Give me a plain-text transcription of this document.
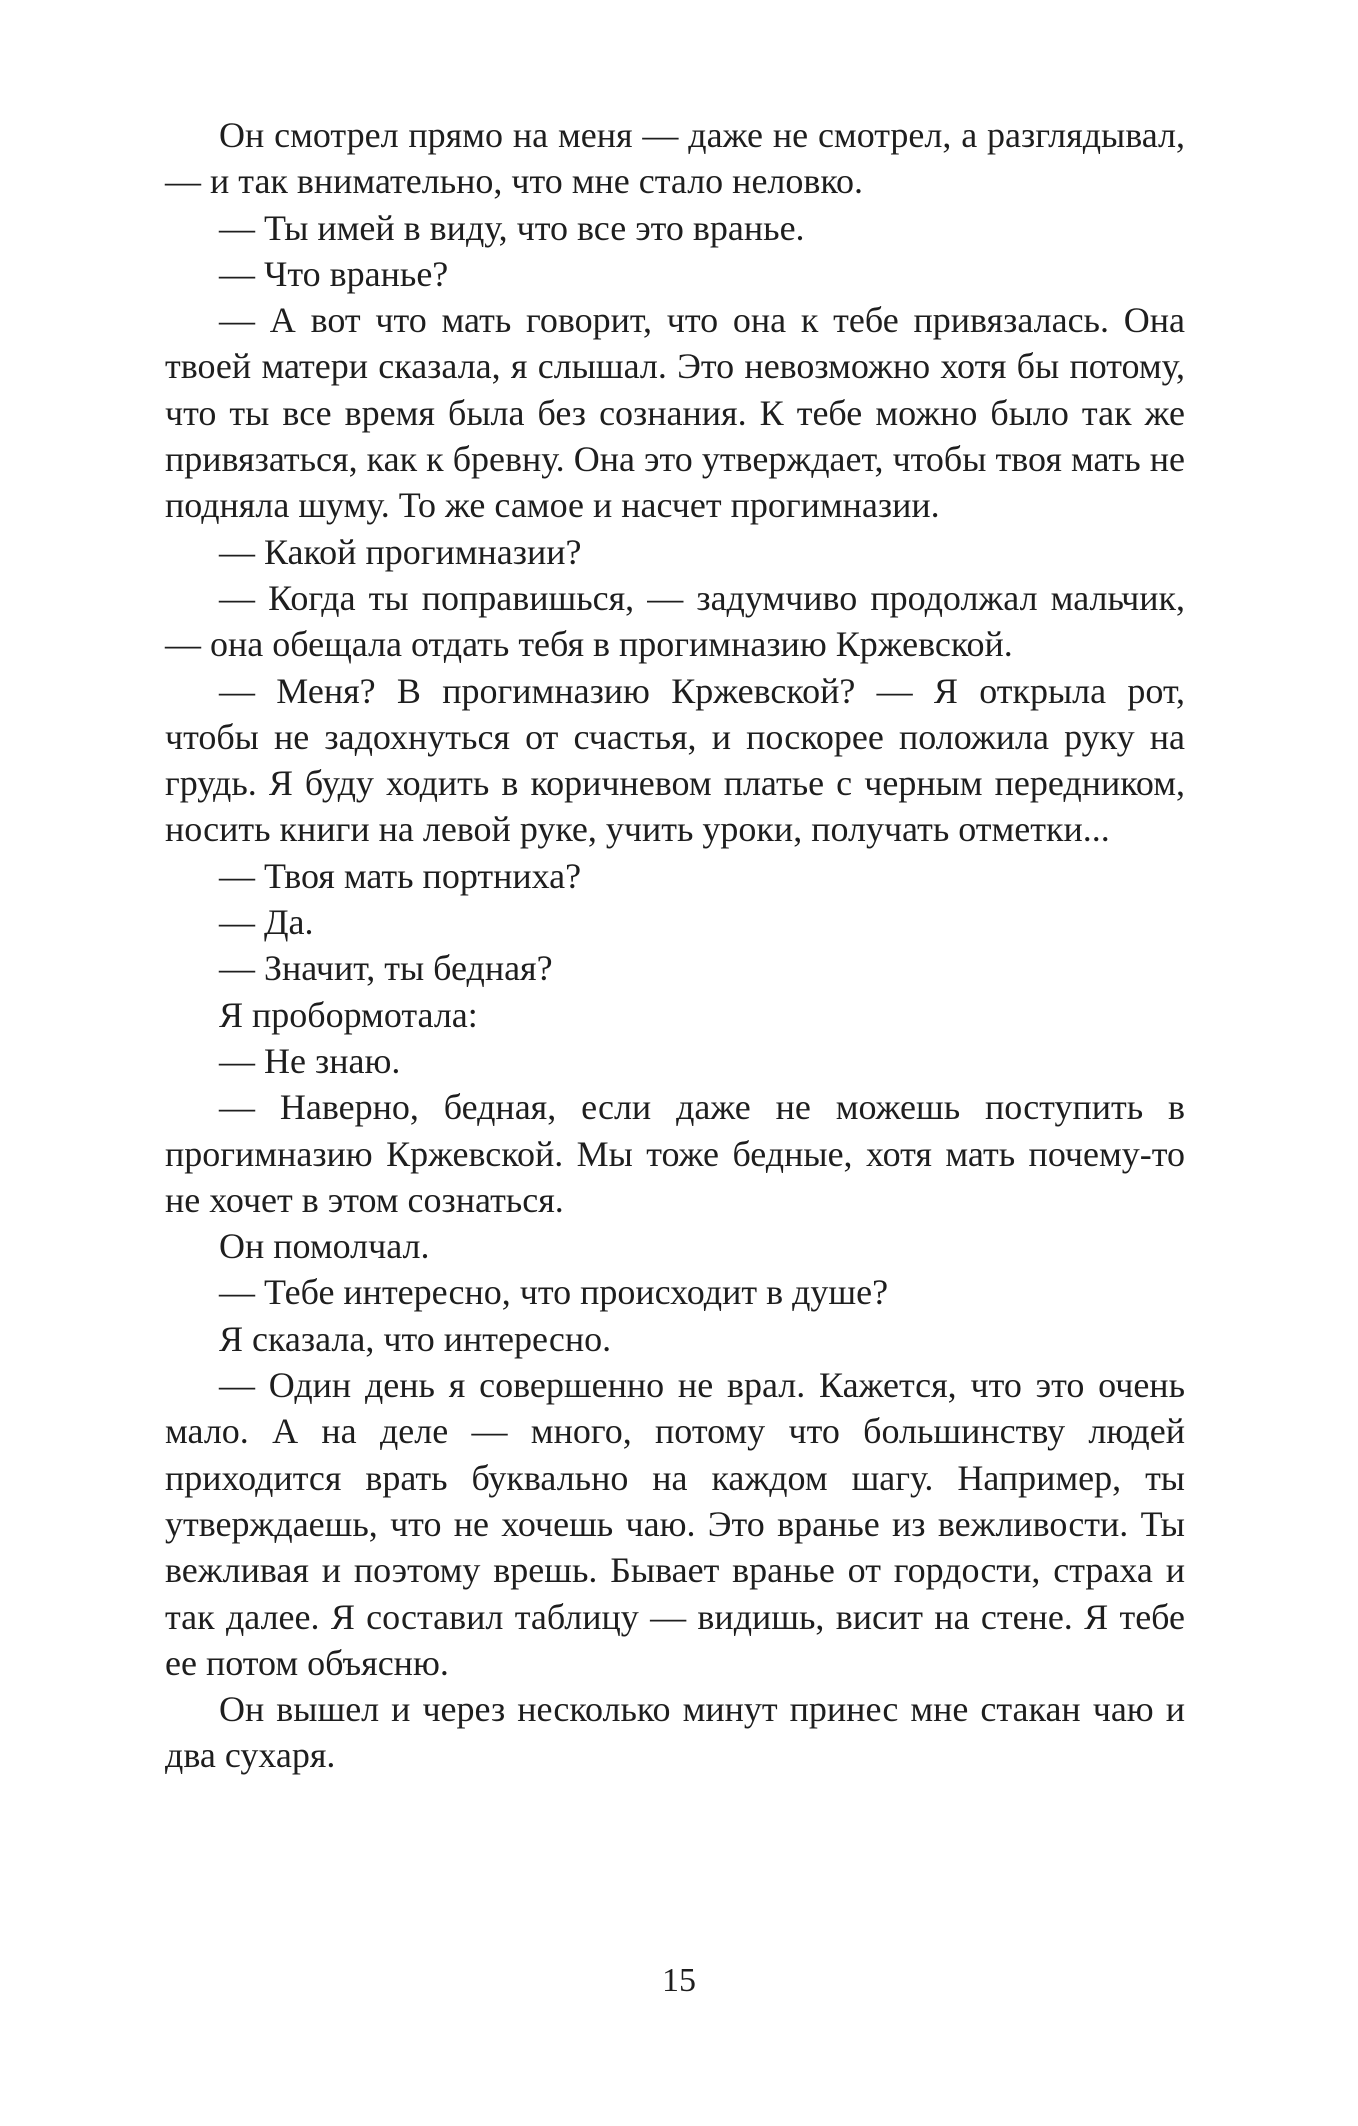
Он смотрел прямо на меня — даже не смотрел, а разглядывал, — и так внимательно, что мне стало неловко.

— Ты имей в виду, что все это вранье.

— Что вранье?

— А вот что мать говорит, что она к тебе привязалась. Она твоей матери сказала, я слышал. Это невозможно хотя бы потому, что ты все время была без сознания. К тебе можно было так же привязаться, как к бревну. Она это утверждает, чтобы твоя мать не подняла шуму. То же самое и насчет прогимназии.

— Какой прогимназии?

— Когда ты поправишься, — задумчиво продолжал мальчик, — она обещала отдать тебя в прогимназию Кржевской.

— Меня? В прогимназию Кржевской? — Я открыла рот, чтобы не задохнуться от счастья, и поскорее положила руку на грудь. Я буду ходить в коричневом платье с черным передником, носить книги на левой руке, учить уроки, получать отметки...

— Твоя мать портниха?

— Да.

— Значит, ты бедная?

Я пробормотала:

— Не знаю.

— Наверно, бедная, если даже не можешь поступить в прогимназию Кржевской. Мы тоже бедные, хотя мать почему-то не хочет в этом сознаться.

Он помолчал.

— Тебе интересно, что происходит в душе?

Я сказала, что интересно.

— Один день я совершенно не врал. Кажется, что это очень мало. А на деле — много, потому что большинству людей приходится врать буквально на каждом шагу. Например, ты утверждаешь, что не хочешь чаю. Это вранье из вежливости. Ты вежливая и поэтому врешь. Бывает вранье от гордости, страха и так далее. Я составил таблицу — видишь, висит на стене. Я тебе ее потом объясню.

Он вышел и через несколько минут принес мне стакан чаю и два сухаря.

15
